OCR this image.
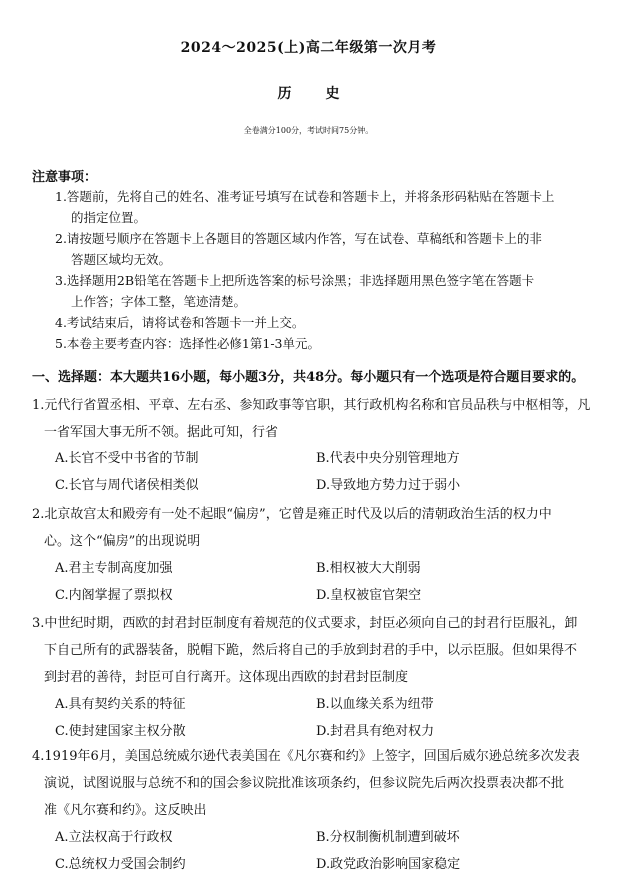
2024～2025(上)高二年级第一次月考
历史
全卷满分100分，考试时间75分钟。
注意事项：
1.答题前，先将自己的姓名、准考证号填写在试卷和答题卡上，并将条形码粘贴在答题卡上
的指定位置。
2.请按题号顺序在答题卡上各题目的答题区域内作答，写在试卷、草稿纸和答题卡上的非
答题区域均无效。
3.选择题用2B铅笔在答题卡上把所选答案的标号涂黑；非选择题用黑色签字笔在答题卡
上作答；字体工整，笔迹清楚。
4.考试结束后，请将试卷和答题卡一并上交。
5.本卷主要考查内容：选择性必修1第1-3单元。
一、选择题：本大题共16小题，每小题3分，共48分。每小题只有一个选项是符合题目要求的。
1.元代行省置丞相、平章、左右丞、参知政事等官职，其行政机构名称和官员品秩与中枢相等，凡
一省军国大事无所不领。据此可知，行省
A.长官不受中书省的节制	B.代表中央分别管理地方
C.长官与周代诸侯相类似	D.导致地方势力过于弱小
2.北京故宫太和殿旁有一处不起眼“偏房”，它曾是雍正时代及以后的清朝政治生活的权力中
心。这个“偏房”的出现说明
A.君主专制高度加强	B.相权被大大削弱
C.内阁掌握了票拟权	D.皇权被宦官架空
3.中世纪时期，西欧的封君封臣制度有着规范的仪式要求，封臣必须向自己的封君行臣服礼，卸
下自己所有的武器装备，脱帽下跪，然后将自己的手放到封君的手中，以示臣服。但如果得不
到封君的善待，封臣可自行离开。这体现出西欧的封君封臣制度
A.具有契约关系的特征	B.以血缘关系为纽带
C.使封建国家主权分散	D.封君具有绝对权力
4.1919年6月，美国总统威尔逊代表美国在《凡尔赛和约》上签字，回国后威尔逊总统多次发表
演说，试图说服与总统不和的国会参议院批准该项条约，但参议院先后两次投票表决都不批
准《凡尔赛和约》。这反映出
A.立法权高于行政权	B.分权制衡机制遭到破坏
C.总统权力受国会制约	D.政党政治影响国家稳定
